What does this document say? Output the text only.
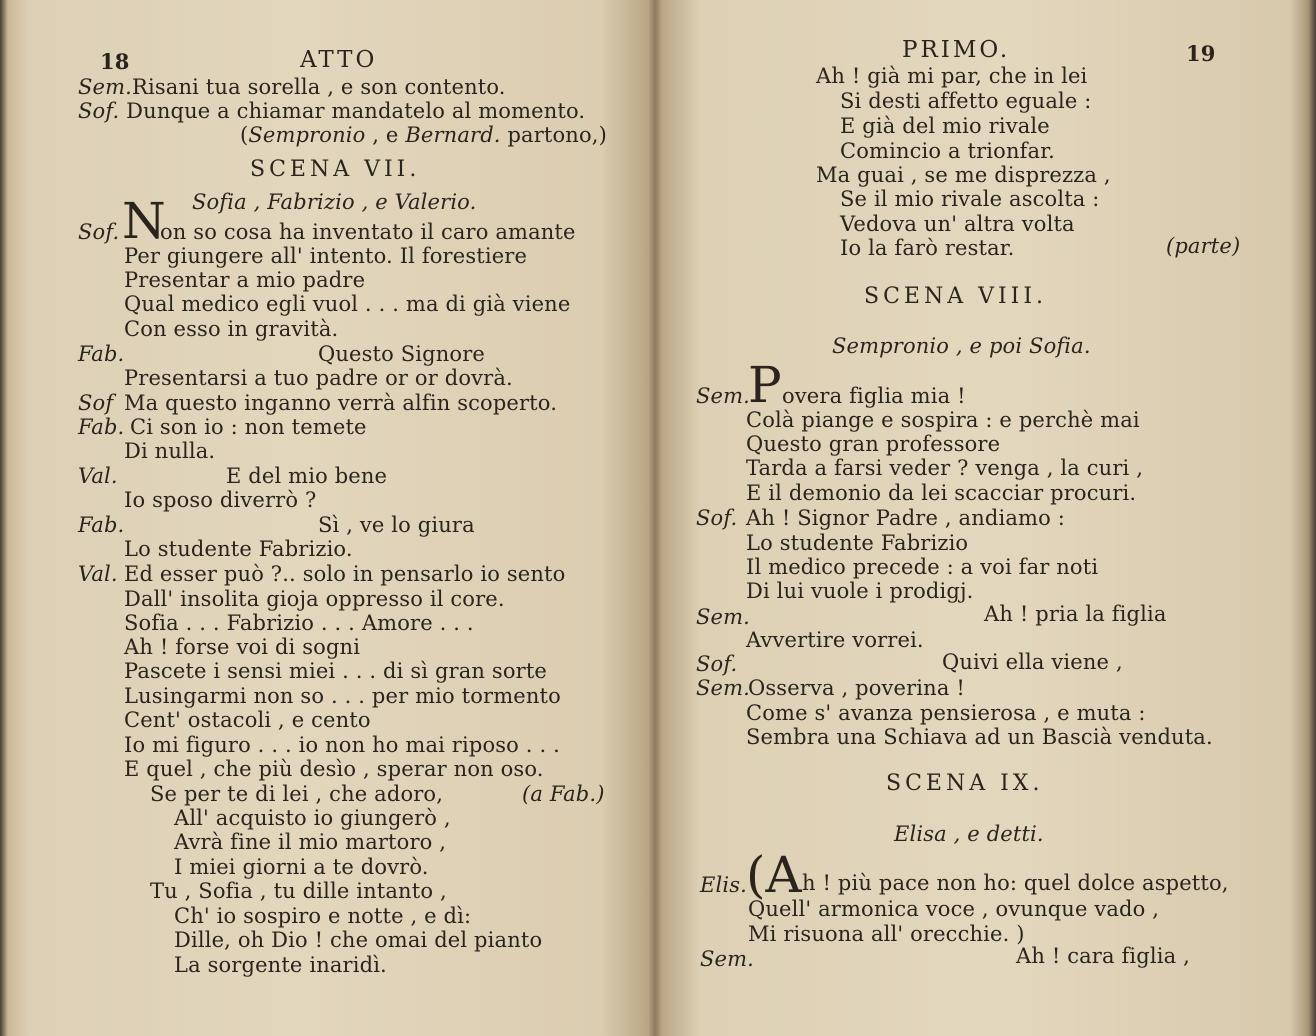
18	ATTO
Sem.Risani tua sorella , e son contento.
Sof. Dunque a chiamar mandatelo al momento.
(Sempronio , e Bernard. partono,)
SCENA VII.
Sofia , Fabrizio , e Valerio.
Sof. N
on so cosa ha inventato il caro amante
Per giungere all' intento. Il forestiere
Presentar a mio padre
Qual medico egli vuol . . . ma di già viene
Con esso in gravità.
Fab.	Questo Signore
Presentarsi a tuo padre or or dovrà.
Sof Ma questo inganno verrà alfin scoperto.
Fab. Ci son io : non temete
Di nulla.
Val.	E del mio bene
Io sposo diverrò ?
Fab.	Sì , ve lo giura
Lo studente Fabrizio.
Val. Ed esser può ?.. solo in pensarlo io sento
Dall' insolita gioja oppresso il core.
Sofia . . . Fabrizio . . . Amore . . .
Ah ! forse voi di sogni
Pascete i sensi miei . . . di sì gran sorte
Lusingarmi non so . . . per mio tormento
Cent' ostacoli , e cento
Io mi figuro . . . io non ho mai riposo . . .
E quel , che più desìo , sperar non oso.
Se per te di lei , che adoro,	(a Fab.)
All' acquisto io giungerò ,
Avrà fine il mio martoro ,
I miei giorni a te dovrò.
Tu , Sofia , tu dille intanto ,
Ch' io sospiro e notte , e dì:
Dille, oh Dio ! che omai del pianto
La sorgente inaridì.
PRIMO.	19
Ah ! già mi par, che in lei
Si desti affetto eguale :
E già del mio rivale
Comincio a trionfar.
Ma guai , se me disprezza ,
Se il mio rivale ascolta :
Vedova un' altra volta
Io la farò restar.	(parte)
SCENA VIII.
Sempronio , e poi Sofia.
Sem.
P overa figlia mia !
Colà piange e sospira : e perchè mai
Questo gran professore
Tarda a farsi veder ? venga , la curi ,
E il demonio da lei scacciar procuri.
Sof. Ah ! Signor Padre , andiamo :
Lo studente Fabrizio
Il medico precede : a voi far noti
Di lui vuole i prodigj.
Sem.	Ah ! pria la figlia
Avvertire vorrei.
Sof.	Quivi ella viene ,
Sem.
Osserva , poverina !
Come s' avanza pensierosa , e muta :
Sembra una Schiava ad un Bascià venduta.
SCENA IX.
Elisa , e detti.
Elis. (A h ! più pace non ho: quel dolce aspetto,
Quell' armonica voce , ovunque vado ,
Mi risuona all' orecchie. )
Sem.	Ah ! cara figlia ,
